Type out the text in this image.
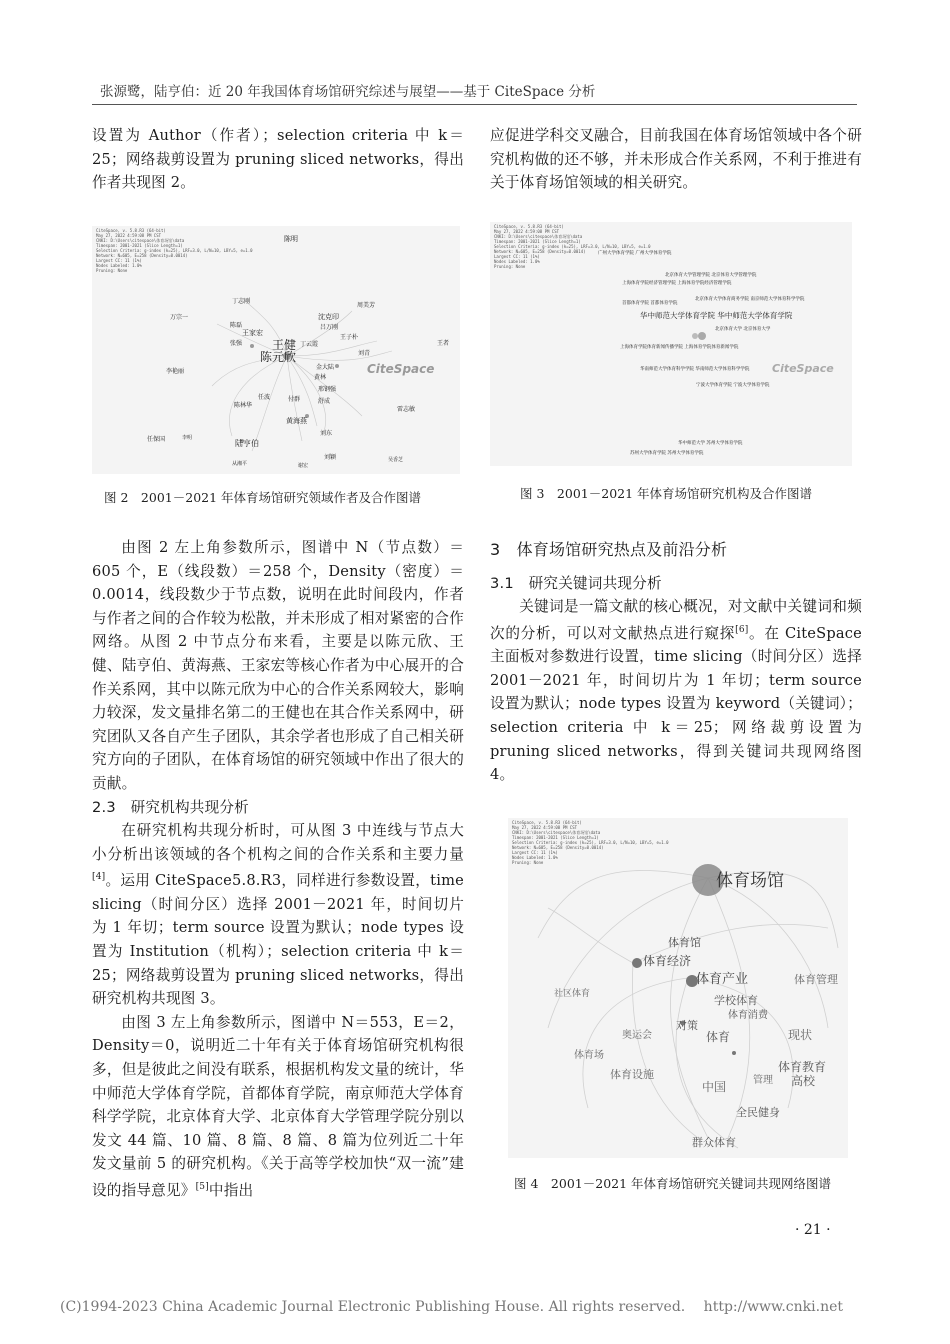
张源鹭，陆亨伯：近 20 年我国体育场馆研究综述与展望——基于 CiteSpace 分析

设置为 Author（作者）；selection criteria 中 k＝25；网络裁剪设置为 pruning sliced networks，得出作者共现图 2。

CiteSpace, v. 5.8.R3 (64-bit)
May 27, 2022 4:59:08 PM CST
CNKI: D:\Users\citespace\体育场馆\data
Timespan: 2001-2021 (Slice Length=1)
Selection Criteria: g-index (k=25), LRF=3.0, L/N=10, LBY=5, e=1.0
Network: N=605, E=258 (Density=0.0014)
Largest CC: 11 (1%)
Nodes Labeled: 1.0%
Pruning: None
陈明
万宗一
丁志刚
周美芳
沈克印
吕万刚
陈磊
王家宏
张强 王健
陈元欣
丁云霞
王子朴
王者
刘青
CiteSpace
李艳丽
金大陆
黄林
邢钢强
陈林华
任波	付群	舒成
雷志敏
黄海燕
刘东
陆亨伯
任保国	李明
刘颖
从湘平
吴香芝
谢宏
图 2　2001－2021 年体育场馆研究领域作者及合作图谱

由图 2 左上角参数所示，图谱中 N（节点数）＝605 个，E（线段数）＝258 个，Density（密度）＝0.0014，线段数少于节点数，说明在此时间段内，作者与作者之间的合作较为松散，并未形成了相对紧密的合作网络。从图 2 中节点分布来看，主要是以陈元欣、王健、陆亨伯、黄海燕、王家宏等核心作者为中心展开的合作关系网，其中以陈元欣为中心的合作关系网较大，影响力较深，发文量排名第二的王健也在其合作关系网中，研究团队又各自产生子团队，其余学者也形成了自己相关研究方向的子团队，在体育场馆的研究领域中作出了很大的贡献。

2.3　研究机构共现分析

在研究机构共现分析时，可从图 3 中连线与节点大小分析出该领域的各个机构之间的合作关系和主要力量[4]。运用 CiteSpace5.8.R3，同样进行参数设置，time slicing（时间分区）选择 2001－2021 年，时间切片为 1 年切；term source 设置为默认；node types 设置为 Institution（机构）；selection criteria 中 k＝25；网络裁剪设置为 pruning sliced networks，得出研究机构共现图 3。

由图 3 左上角参数所示，图谱中 N＝553，E＝2，Density＝0，说明近二十年有关于体育场馆研究机构很多，但是彼此之间没有联系，根据机构发文量的统计，华中师范大学体育学院，首都体育学院，南京师范大学体育科学学院，北京体育大学、北京体育大学管理学院分别以发文 44 篇、10 篇、8 篇、8 篇、8 篇为位列近二十年发文量前 5 的研究机构。《关于高等学校加快“双一流”建设的指导意见》[5]中指出

应促进学科交叉融合，目前我国在体育场馆领域中各个研究机构做的还不够，并未形成合作关系网，不利于推进有关于体育场馆领域的相关研究。

CiteSpace, v. 5.8.R3 (64-bit)
May 27, 2022 4:59:08 PM CST
CNKI: D:\Users\citespace\体育场馆\data
Timespan: 2001-2021 (Slice Length=1)
Selection Criteria: g-index (k=25), LRF=3.0, L/N=10, LBY=5, e=1.0
Network: N=605, E=258 (Density=0.0014)
Largest CC: 11 (1%)
Nodes Labeled: 1.0%
Pruning: None
广州大学体育学院 广州大学体育学院
北京体育大学管理学院 北京体育大学管理学院
上海体育学院经济管理学院 上海体育学院经济管理学院
北京体育大学体育商务学院 南京师范大学体育科学学院
首都体育学院 首都体育学院
华中师范大学体育学院 华中师范大学体育学院
北京体育大学 北京体育大学
上海体育学院体育新闻传播学院 上海体育学院体育新闻学院
华南师范大学体育科学学院 华南师范大学体育科学学院
宁波大学体育学院 宁波大学体育学院
CiteSpace
华中师范大学 苏州大学体育学院
苏州大学体育学院 苏州大学体育学院
图 3　2001－2021 年体育场馆研究机构及合作图谱

3　体育场馆研究热点及前沿分析

3.1　研究关键词共现分析

关键词是一篇文献的核心概况，对文献中关键词和频次的分析，可以对文献热点进行窥探[6]。在 CiteSpace 主面板对参数进行设置，time slicing（时间分区）选择 2001－2021 年，时间切片为 1 年切；term source 设置为默认；node types 设置为 keyword（关键词）；selection criteria 中 k＝25；网络裁剪设置为 pruning sliced networks，得到关键词共现网络图 4。

CiteSpace, v. 5.8.R3 (64-bit)
May 27, 2022 4:59:08 PM CST
CNKI: D:\Users\citespace\体育场馆\data
Timespan: 2001-2021 (Slice Length=1)
Selection Criteria: g-index (k=25), LRF=3.0, L/N=10, LBY=5, e=1.0
Network: N=605, E=258 (Density=0.0014)
Largest CC: 11 (1%)
Nodes Labeled: 1.0%
Pruning: None
体育场馆
体育馆
体育经济
体育产业	体育管理
社区体育	学校体育
体育消费
对策
奥运会	体育	现状
体育场
体育设施	管理
体育教育
高校
中国
全民健身
群众体育
图 4　2001－2021 年体育场馆研究关键词共现网络图谱
· 21 ·
(C)1994-2023 China Academic Journal Electronic Publishing House. All rights reserved.　 http://www.cnki.net
